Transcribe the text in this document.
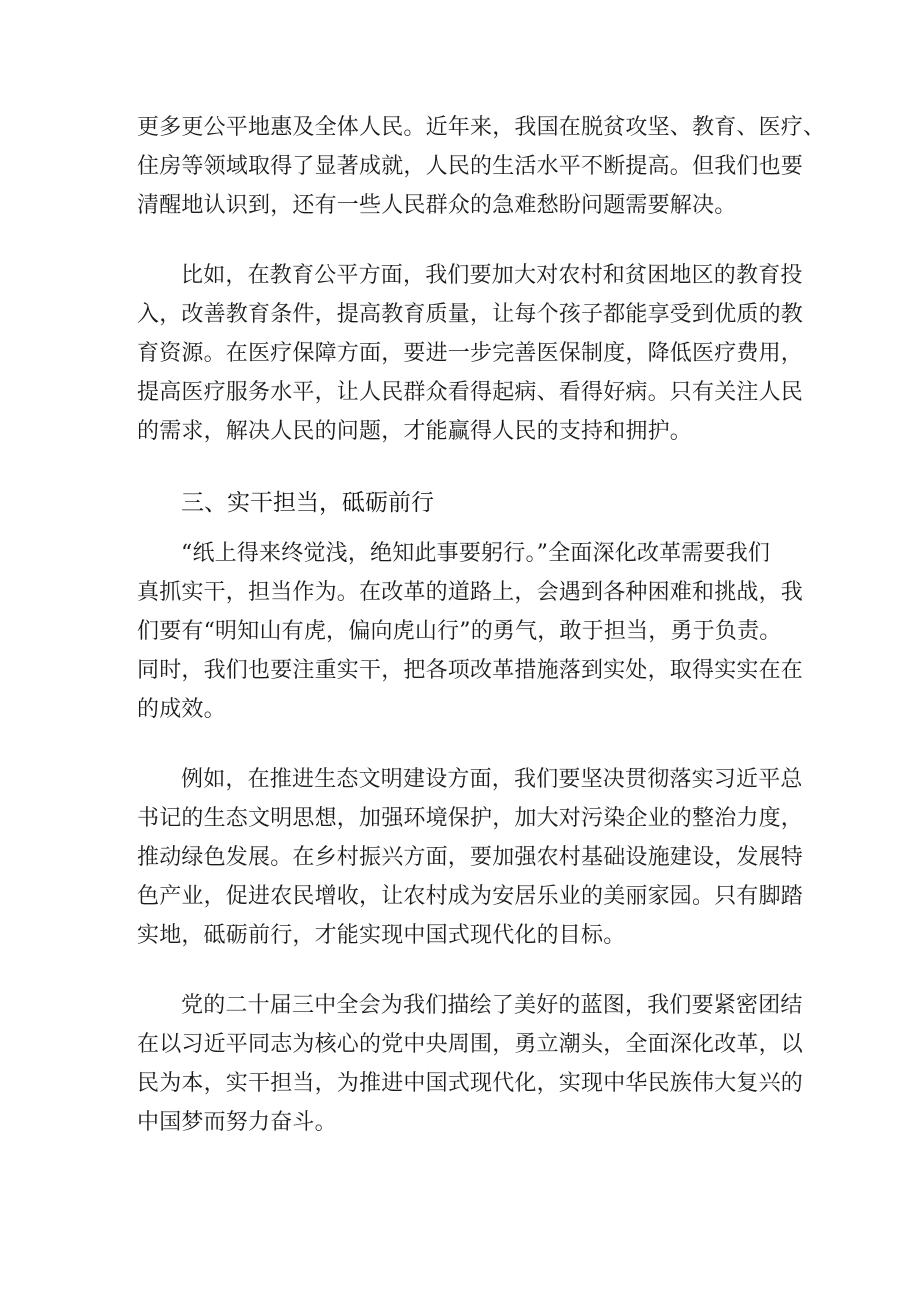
更多更公平地惠及全体人民。近年来，我国在脱贫攻坚、教育、医疗、
住房等领域取得了显著成就，人民的生活水平不断提高。但我们也要
清醒地认识到，还有一些人民群众的急难愁盼问题需要解决。

比如，在教育公平方面，我们要加大对农村和贫困地区的教育投
入，改善教育条件，提高教育质量，让每个孩子都能享受到优质的教
育资源。在医疗保障方面，要进一步完善医保制度，降低医疗费用，
提高医疗服务水平，让人民群众看得起病、看得好病。只有关注人民
的需求，解决人民的问题，才能赢得人民的支持和拥护。

三、实干担当，砥砺前行

“纸上得来终觉浅，绝知此事要躬行。”全面深化改革需要我们
真抓实干，担当作为。在改革的道路上，会遇到各种困难和挑战，我
们要有“明知山有虎，偏向虎山行”的勇气，敢于担当，勇于负责。
同时，我们也要注重实干，把各项改革措施落到实处，取得实实在在
的成效。

例如，在推进生态文明建设方面，我们要坚决贯彻落实习近平总
书记的生态文明思想，加强环境保护，加大对污染企业的整治力度，
推动绿色发展。在乡村振兴方面，要加强农村基础设施建设，发展特
色产业，促进农民增收，让农村成为安居乐业的美丽家园。只有脚踏
实地，砥砺前行，才能实现中国式现代化的目标。

党的二十届三中全会为我们描绘了美好的蓝图，我们要紧密团结
在以习近平同志为核心的党中央周围，勇立潮头，全面深化改革，以
民为本，实干担当，为推进中国式现代化，实现中华民族伟大复兴的
中国梦而努力奋斗。
